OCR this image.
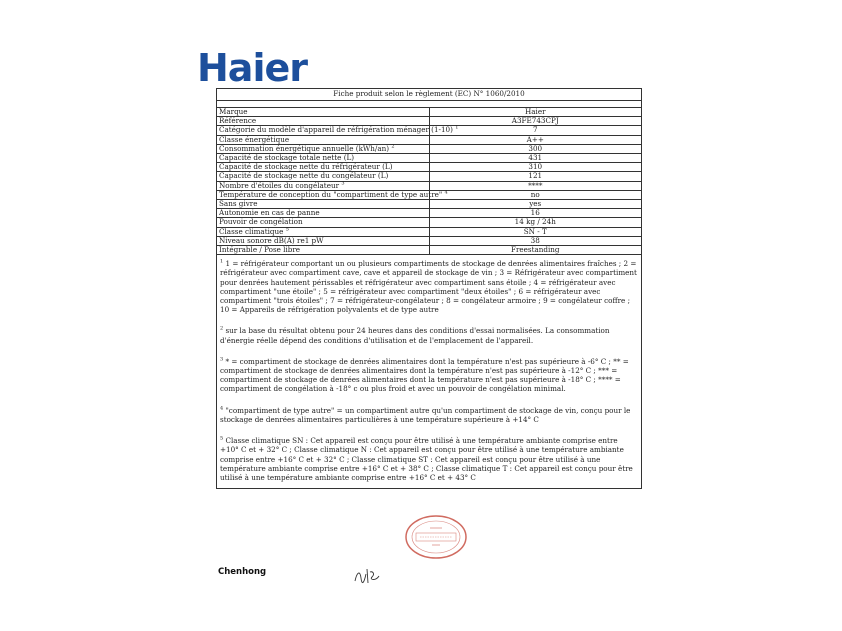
Haier
Fiche produit selon le règlement (EC) N° 1060/2010	

Marque	Haier
Référence	A3FE743CPJ
Catégorie du modèle d'appareil de réfrigération ménager (1-10) $^1$	7
Classe énergétique	A++
Consommation énergétique annuelle (kWh/an) $^2$	300
Capacité de stockage totale nette (L)	431
Capacité de stockage nette du réfrigérateur (L)	310
Capacité de stockage nette du congélateur (L)	121
Nombre d'étoiles du congélateur $^3$	****
Température de conception du "compartiment de type autre" $^4$	no
Sans givre	yes
Autonomie en cas de panne	16
Pouvoir de congélation	14 kg / 24h
Classe climatique $^5$	SN - T
Niveau sonore dB(A) re1 pW	38
Intégrable / Pose libre	Freestanding

$^1$ 1 = réfrigérateur comportant un ou plusieurs compartiments de stockage de denrées alimentaires fraîches ; 2 = réfrigérateur avec compartiment cave, cave et appareil de stockage de vin ; 3 = Réfrigérateur avec compartiment pour denrées hautement périssables et réfrigérateur avec compartiment sans étoile ; 4 = réfrigérateur avec compartiment "une étoile" ; 5 = réfrigérateur avec compartiment "deux étoiles" ; 6 = réfrigérateur avec compartiment "trois étoiles" ; 7 = réfrigérateur-congélateur ; 8 = congélateur armoire ; 9 = congélateur coffre ; 10 = Appareils de réfrigération polyvalents et de type autre

$^2$ sur la base du résultat obtenu pour 24 heures dans des conditions d'essai normalisées. La consommation d'énergie réelle dépend des conditions d'utilisation et de l'emplacement de l'appareil.

$^3$ * = compartiment de stockage de denrées alimentaires dont la température n'est pas supérieure à -6° C ; ** = compartiment de stockage de denrées alimentaires dont la température n'est pas supérieure à -12° C ; *** = compartiment de stockage de denrées alimentaires dont la température n'est pas supérieure à -18° C ; **** = compartiment de congélation à -18° c ou plus froid et avec un pouvoir de congélation minimal.

$^4$ "compartiment de type autre" = un compartiment autre qu'un compartiment de stockage de vin, conçu pour le stockage de denrées alimentaires particulières à une température supérieure à +14° C

$^5$ Classe climatique SN : Cet appareil est conçu pour être utilisé à une température ambiante comprise entre +10° C et + 32° C ; Classe climatique N : Cet appareil est conçu pour être utilisé à une température ambiante comprise entre +16° C et + 32° C ; Classe climatique ST : Cet appareil est conçu pour être utilisé à une température ambiante comprise entre +16° C et + 38° C ; Classe climatique T : Cet appareil est conçu pour être utilisé à une température ambiante comprise entre +16° C et + 43° C

Chenhong
